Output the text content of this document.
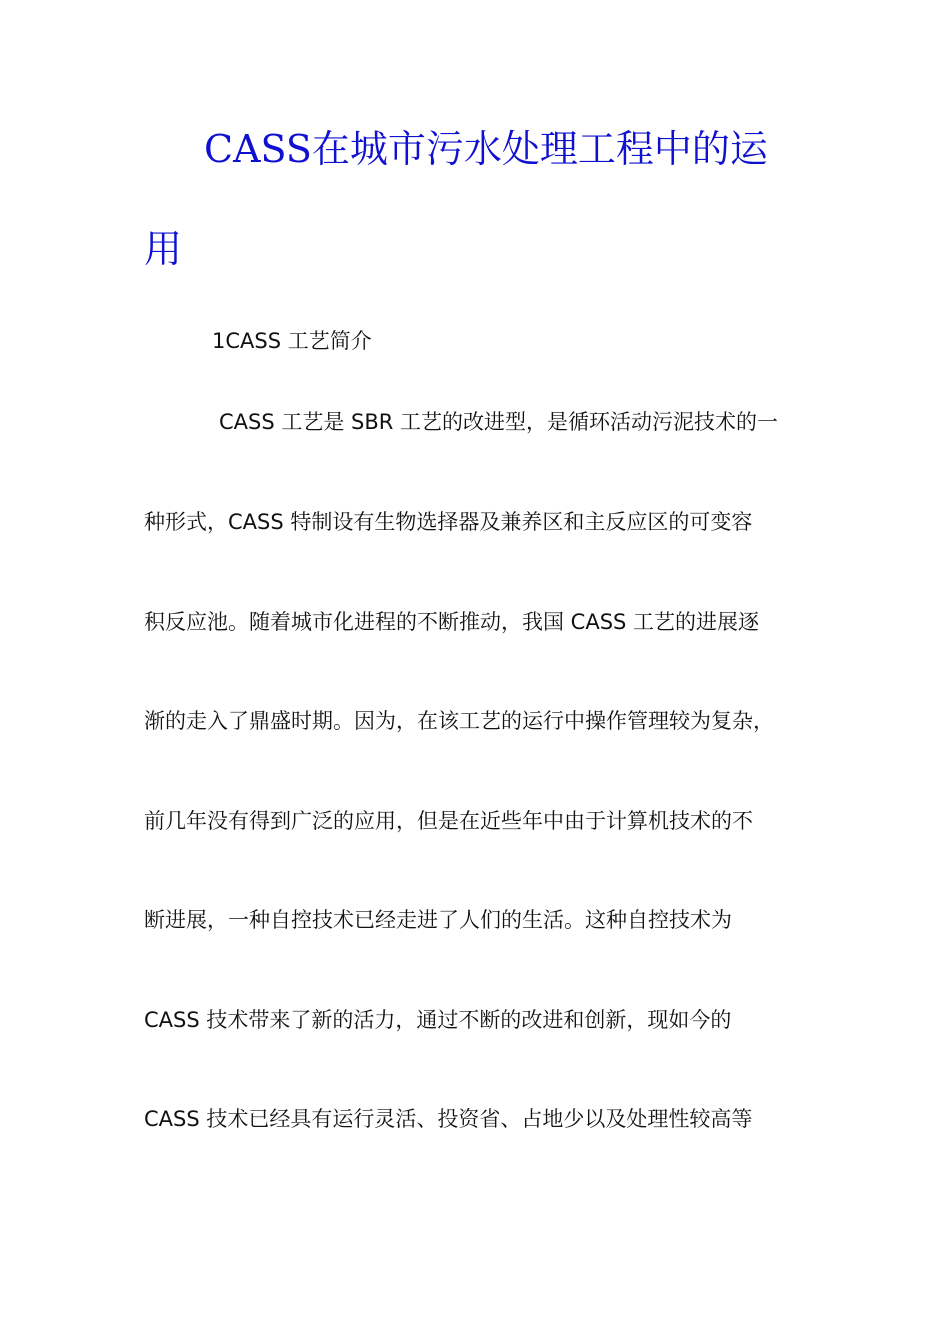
CASS在城市污水处理工程中的运
用
1CASS 工艺简介
CASS 工艺是 SBR 工艺的改进型，是循环活动污泥技术的一
种形式，CASS 特制设有生物选择器及兼养区和主反应区的可变容
积反应池。随着城市化进程的不断推动，我国 CASS 工艺的进展逐
渐的走入了鼎盛时期。因为，在该工艺的运行中操作管理较为复杂，
前几年没有得到广泛的应用，但是在近些年中由于计算机技术的不
断进展，一种自控技术已经走进了人们的生活。这种自控技术为
CASS 技术带来了新的活力，通过不断的改进和创新，现如今的
CASS 技术已经具有运行灵活、投资省、占地少以及处理性较高等
